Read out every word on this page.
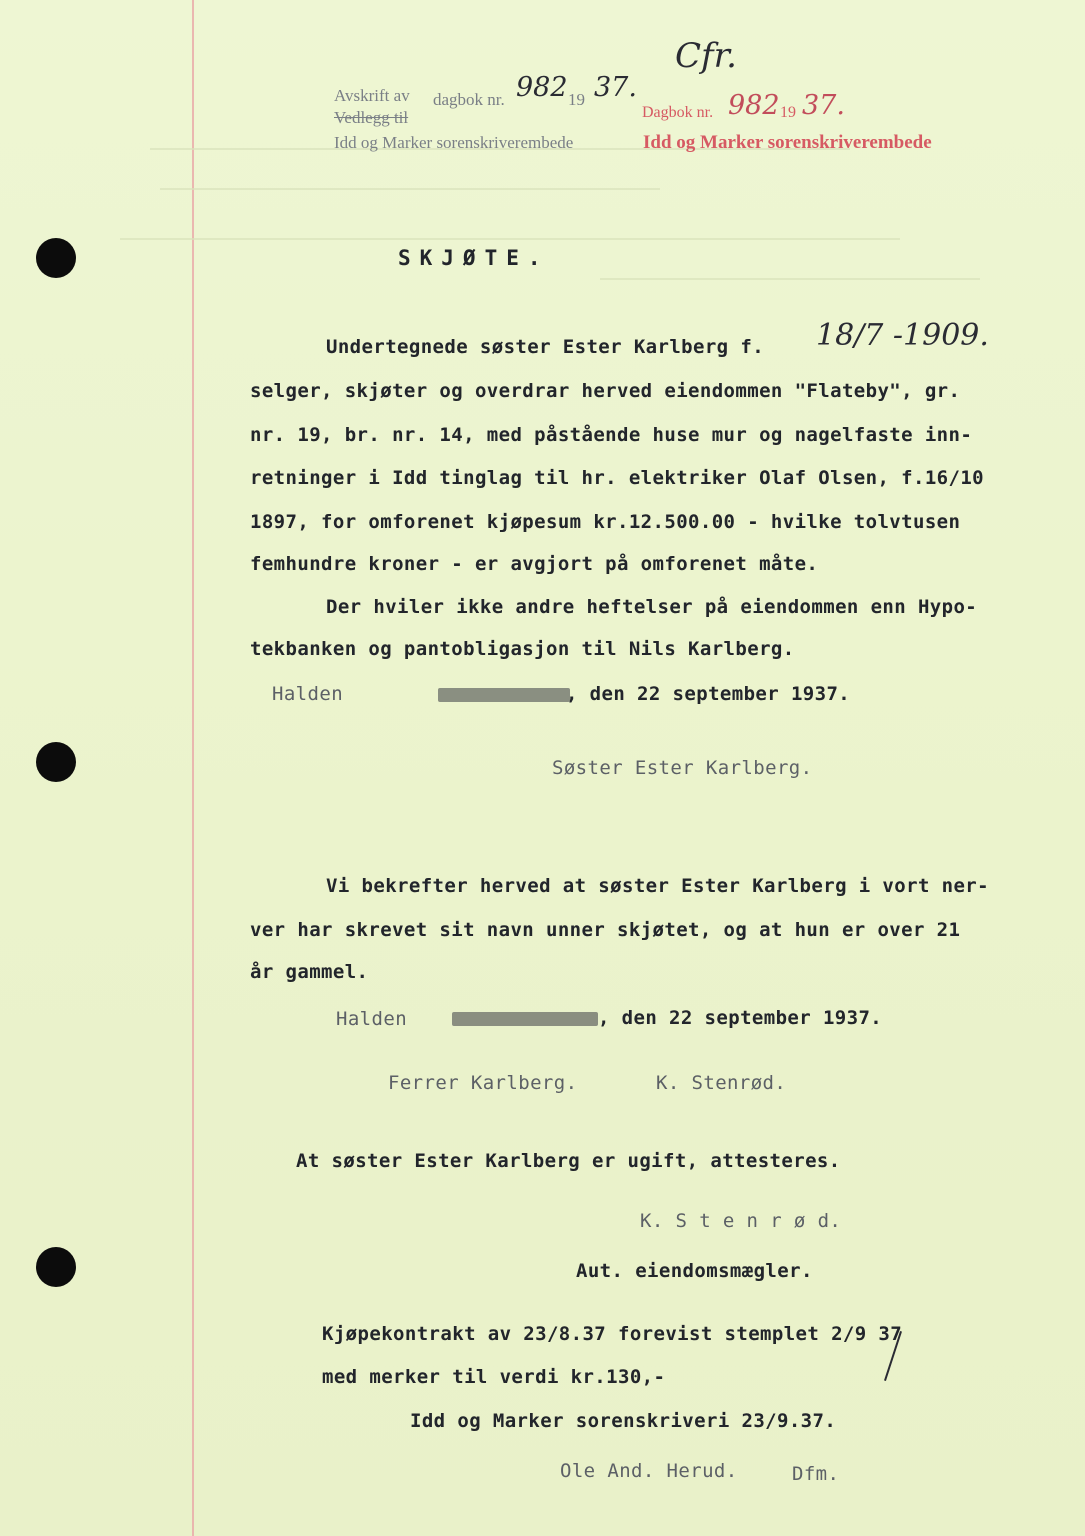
Avskrift av
Vedlegg til
dagbok nr. 982 19 37.
Cfr.
Idd og Marker sorenskriverembede
Dagbok nr. 982 19 37.
Idd og Marker sorenskriverembede
SKJØTE.
Undertegnede søster Ester Karlberg f. 18/7 -1909.
selger, skjøter og overdrar herved eiendommen "Flateby", gr.
nr. 19, br. nr. 14, med påstående huse mur og nagelfaste inn-
retninger i Idd tinglag til hr. elektriker Olaf Olsen, f.16/10
1897, for omforenet kjøpesum kr.12.500.00 - hvilke tolvtusen
femhundre kroner - er avgjort på omforenet måte.
Der hviler ikke andre heftelser på eiendommen enn Hypo-
tekbanken og pantobligasjon til Nils Karlberg.
Halden	, den 22 september 1937.
Søster Ester Karlberg.
Vi bekrefter herved at søster Ester Karlberg i vort ner-
ver har skrevet sit navn unner skjøtet, og at hun er over 21
år gammel.
Halden	, den 22 september 1937.
Ferrer Karlberg.	K. Stenrød.
At søster Ester Karlberg er ugift, attesteres.
K. S t e n r ø d.
Aut. eiendomsmægler.
Kjøpekontrakt av 23/8.37 forevist stemplet 2/9 37
med merker til verdi kr.130,-
Idd og Marker sorenskriveri 23/9.37.
Ole And. Herud.	Dfm.
